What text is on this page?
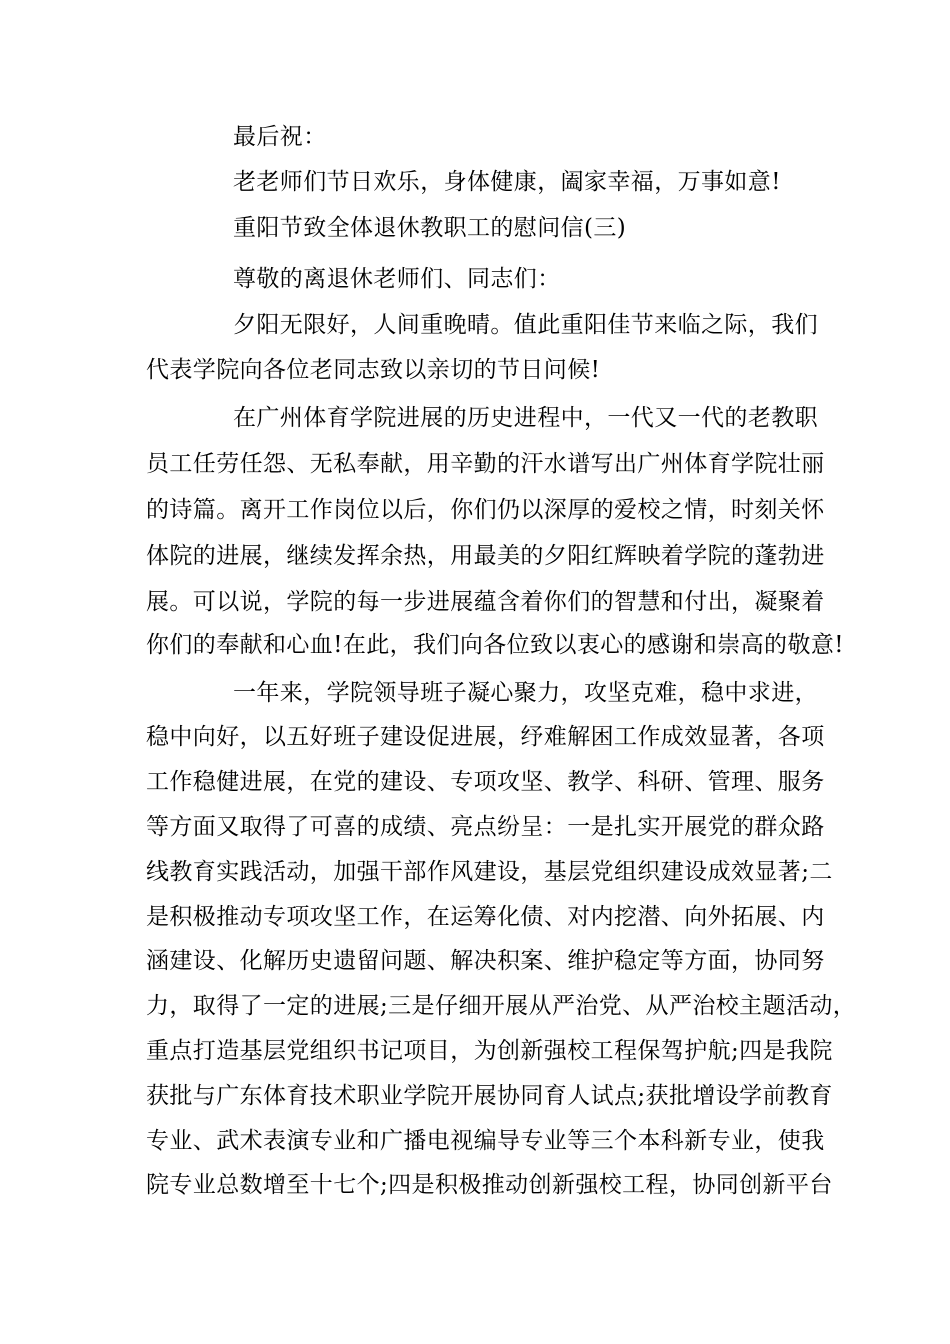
最后祝：
老老师们节日欢乐，身体健康，阖家幸福，万事如意!
重阳节致全体退休教职工的慰问信(三)
尊敬的离退休老师们、同志们：
夕阳无限好，人间重晚晴。值此重阳佳节来临之际，我们
代表学院向各位老同志致以亲切的节日问候!
在广州体育学院进展的历史进程中，一代又一代的老教职
员工任劳任怨、无私奉献，用辛勤的汗水谱写出广州体育学院壮丽
的诗篇。离开工作岗位以后，你们仍以深厚的爱校之情，时刻关怀
体院的进展，继续发挥余热，用最美的夕阳红辉映着学院的蓬勃进
展。可以说，学院的每一步进展蕴含着你们的智慧和付出，凝聚着
你们的奉献和心血!在此，我们向各位致以衷心的感谢和崇高的敬意!
一年来，学院领导班子凝心聚力，攻坚克难，稳中求进，
稳中向好，以五好班子建设促进展，纾难解困工作成效显著，各项
工作稳健进展，在党的建设、专项攻坚、教学、科研、管理、服务
等方面又取得了可喜的成绩、亮点纷呈：一是扎实开展党的群众路
线教育实践活动，加强干部作风建设，基层党组织建设成效显著;二
是积极推动专项攻坚工作，在运筹化债、对内挖潜、向外拓展、内
涵建设、化解历史遗留问题、解决积案、维护稳定等方面，协同努
力，取得了一定的进展;三是仔细开展从严治党、从严治校主题活动，
重点打造基层党组织书记项目，为创新强校工程保驾护航;四是我院
获批与广东体育技术职业学院开展协同育人试点;获批增设学前教育
专业、武术表演专业和广播电视编导专业等三个本科新专业，使我
院专业总数增至十七个;四是积极推动创新强校工程，协同创新平台
